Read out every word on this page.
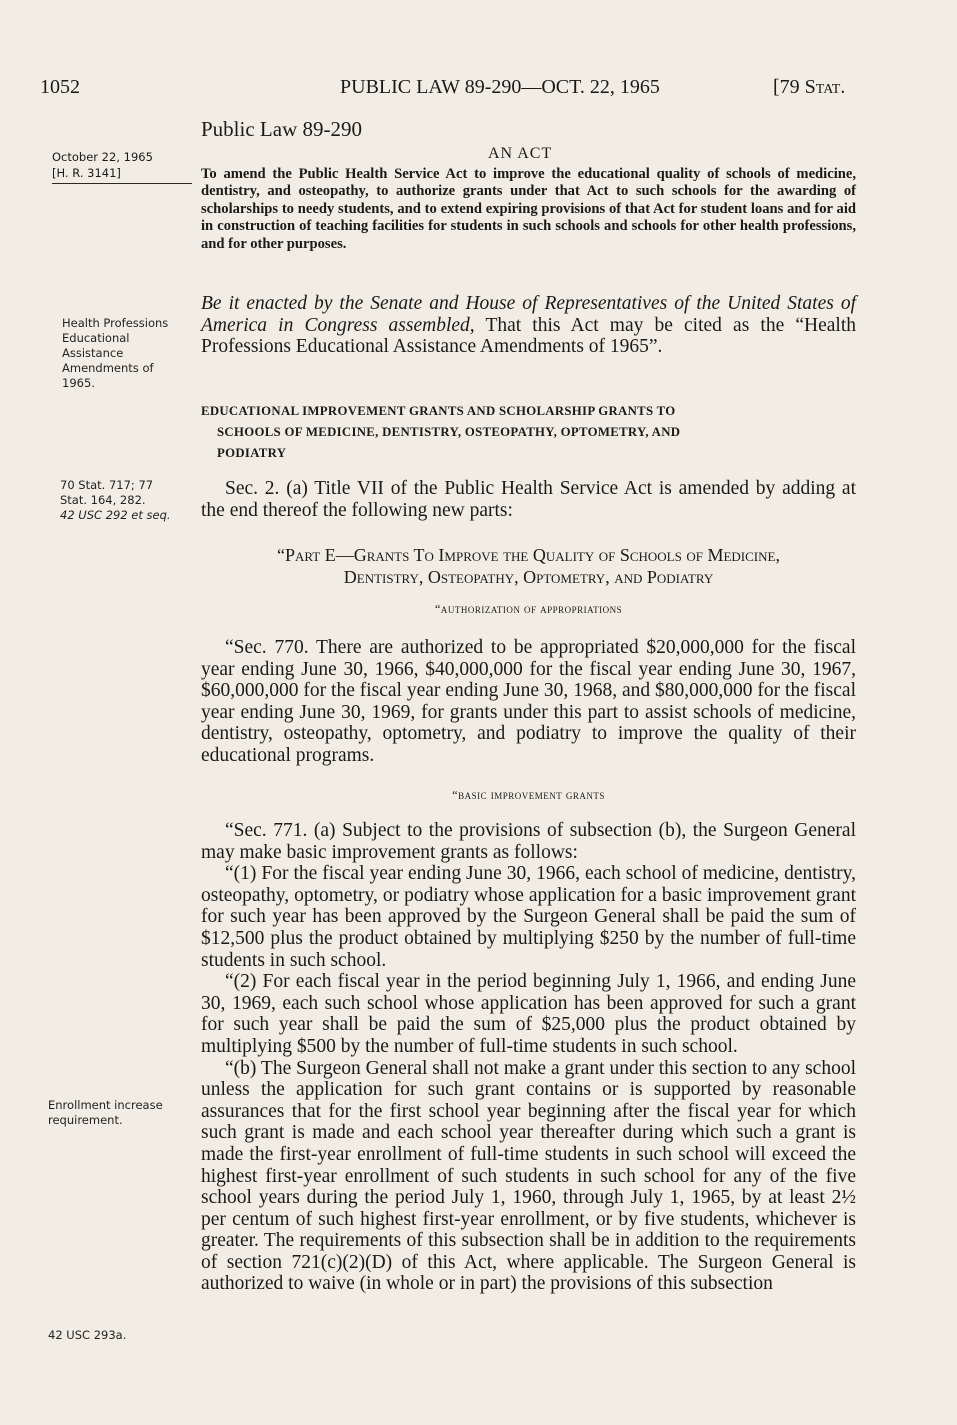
1052	PUBLIC LAW 89-290—OCT. 22, 1965	[79 Stat.
Public Law 89-290
AN ACT
October 22, 1965
[H. R. 3141]	To amend the Public Health Service Act to improve the educational quality of schools of medicine, dentistry, and osteopathy, to authorize grants under that Act to such schools for the awarding of scholarships to needy students, and to extend expiring provisions of that Act for student loans and for aid in construction of teaching facilities for students in such schools and schools for other health professions, and for other purposes.
Health Professions Educational Assistance Amendments of 1965.
Be it enacted by the Senate and House of Representatives of the United States of America in Congress assembled, That this Act may be cited as the “Health Professions Educational Assistance Amendments of 1965”.
EDUCATIONAL IMPROVEMENT GRANTS AND SCHOLARSHIP GRANTS TO
SCHOOLS OF MEDICINE, DENTISTRY, OSTEOPATHY, OPTOMETRY, AND
PODIATRY
70 Stat. 717; 77 Stat. 164, 282.
42 USC 292 et seq.

Sec. 2. (a) Title VII of the Public Health Service Act is amended by adding at the end thereof the following new parts:

“Part E—Grants To Improve the Quality of Schools of Medicine,
Dentistry, Osteopathy, Optometry, and Podiatry
“authorization of appropriations

“Sec. 770. There are authorized to be appropriated $20,000,000 for the fiscal year ending June 30, 1966, $40,000,000 for the fiscal year ending June 30, 1967, $60,000,000 for the fiscal year ending June 30, 1968, and $80,000,000 for the fiscal year ending June 30, 1969, for grants under this part to assist schools of medicine, dentistry, osteopathy, optometry, and podiatry to improve the quality of their educational programs.

“basic improvement grants

“Sec. 771. (a) Subject to the provisions of subsection (b), the Surgeon General may make basic improvement grants as follows:

“(1) For the fiscal year ending June 30, 1966, each school of medicine, dentistry, osteopathy, optometry, or podiatry whose application for a basic improvement grant for such year has been approved by the Surgeon General shall be paid the sum of $12,500 plus the product obtained by multiplying $250 by the number of full-time students in such school.

“(2) For each fiscal year in the period beginning July 1, 1966, and ending June 30, 1969, each such school whose application has been approved for such a grant for such year shall be paid the sum of $25,000 plus the product obtained by multiplying $500 by the number of full-time students in such school.

“(b) The Surgeon General shall not make a grant under this section to any school unless the application for such grant contains or is supported by reasonable assurances that for the first school year beginning after the fiscal year for which such grant is made and each school year thereafter during which such a grant is made the first-year enrollment of full-time students in such school will exceed the highest first-year enrollment of such students in such school for any of the five school years during the period July 1, 1960, through July 1, 1965, by at least 2½ per centum of such highest first-year enrollment, or by five students, whichever is greater. The requirements of this subsection shall be in addition to the requirements of section 721(c)(2)(D) of this Act, where applicable. The Surgeon General is authorized to waive (in whole or in part) the provisions of this subsection

Enrollment increase requirement.
42 USC 293a.
